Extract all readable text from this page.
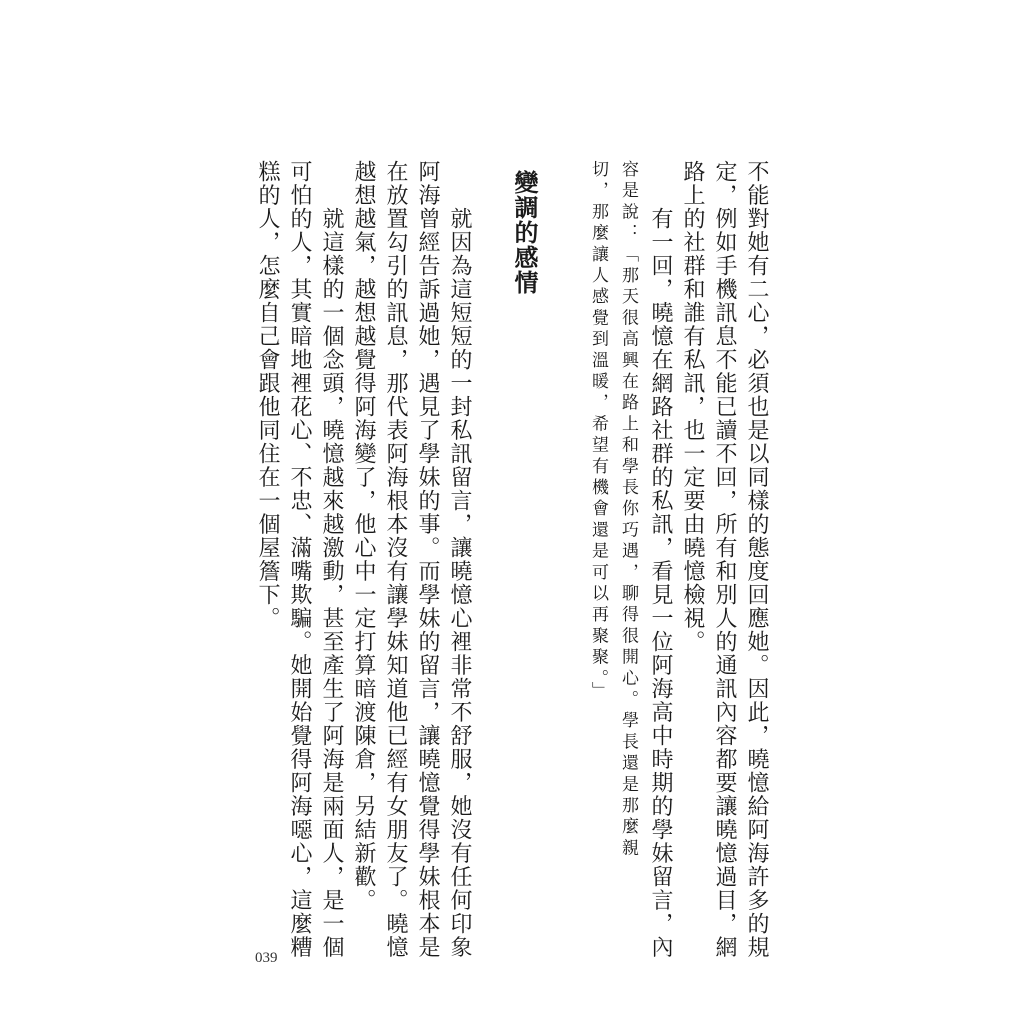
不能對她有二心，必須也是以同樣的態度回應她。因此，曉憶給阿海許多的規
定，例如手機訊息不能已讀不回，所有和別人的通訊內容都要讓曉憶過目，網
路上的社群和誰有私訊，也一定要由曉憶檢視。
　　有一回，曉憶在網路社群的私訊，看見一位阿海高中時期的學妹留言，內
容是說：「那天很高興在路上和學長你巧遇，聊得很開心。學長還是那麼親
切，那麼讓人感覺到溫暖，希望有機會還是可以再聚聚。」
變調的感情
　　就因為這短短的一封私訊留言，讓曉憶心裡非常不舒服，她沒有任何印象
阿海曾經告訴過她，遇見了學妹的事。而學妹的留言，讓曉憶覺得學妹根本是
在放置勾引的訊息，那代表阿海根本沒有讓學妹知道他已經有女朋友了。曉憶
越想越氣，越想越覺得阿海變了，他心中一定打算暗渡陳倉，另結新歡。
　　就這樣的一個念頭，曉憶越來越激動，甚至產生了阿海是兩面人，是一個
可怕的人，其實暗地裡花心、不忠、滿嘴欺騙。她開始覺得阿海噁心，這麼糟
糕的人，怎麼自己會跟他同住在一個屋簷下。
039
